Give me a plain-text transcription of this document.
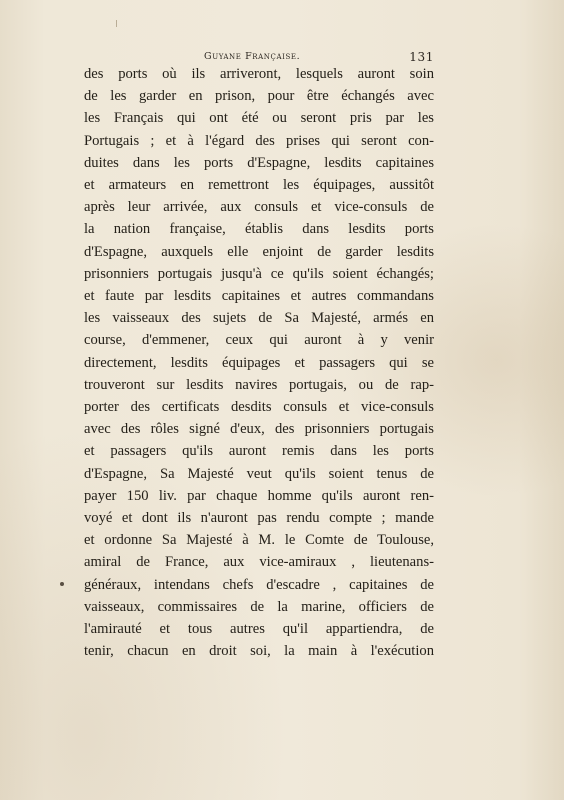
Guyane Française.	131
des ports où ils arriveront, lesquels auront soin
de les garder en prison, pour être échangés avec
les Français qui ont été ou seront pris par les
Portugais ; et à l'égard des prises qui seront con-
duites dans les ports d'Espagne, lesdits capitaines
et armateurs en remettront les équipages, aussitôt
après leur arrivée, aux consuls et vice-consuls de
la nation française, établis dans lesdits ports
d'Espagne, auxquels elle enjoint de garder lesdits
prisonniers portugais jusqu'à ce qu'ils soient échangés;
et faute par lesdits capitaines et autres commandans
les vaisseaux des sujets de Sa Majesté, armés en
course, d'emmener, ceux qui auront à y venir
directement, lesdits équipages et passagers qui se
trouveront sur lesdits navires portugais, ou de rap-
porter des certificats desdits consuls et vice-consuls
avec des rôles signé d'eux, des prisonniers portugais
et passagers qu'ils auront remis dans les ports
d'Espagne, Sa Majesté veut qu'ils soient tenus de
payer 150 liv. par chaque homme qu'ils auront ren-
voyé et dont ils n'auront pas rendu compte ; mande
et ordonne Sa Majesté à M. le Comte de Toulouse,
amiral de France, aux vice-amiraux , lieutenans-
généraux, intendans chefs d'escadre , capitaines de
vaisseaux, commissaires de la marine, officiers de
l'amirauté et tous autres qu'il appartiendra, de
tenir, chacun en droit soi, la main à l'exécution
